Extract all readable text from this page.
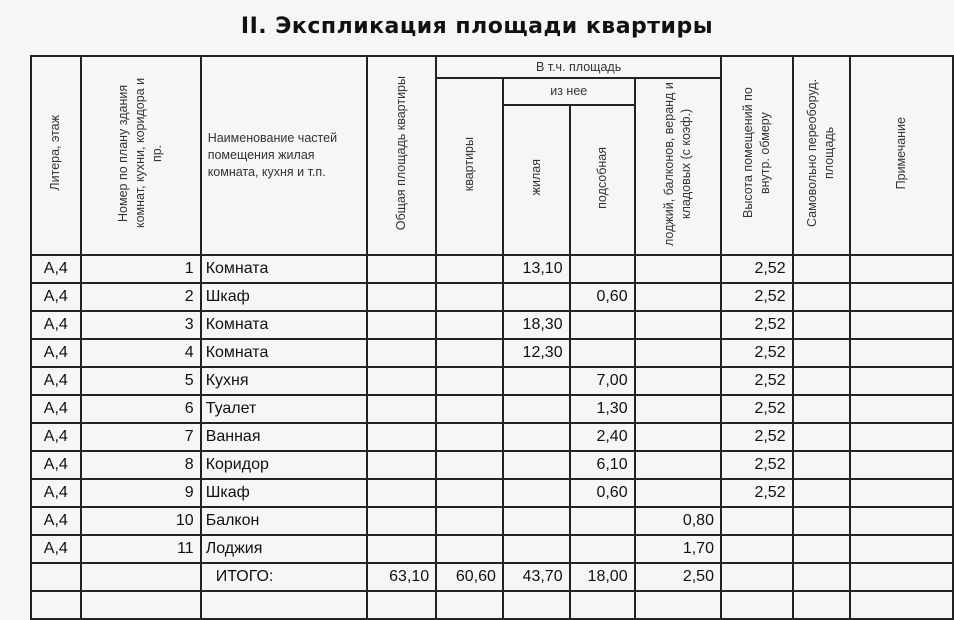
II. Экспликация площади квартиры
Литера, этаж	Номер по плану здания комнат, кухни, коридора и пр.	Наименование частей помещения жилая комната, кухня и т.п.	Общая площадь квартиры	В т.ч. площадь				Высота помещений по внутр. обмеру	Самовольно переоборуд. площадь	Примечание
				квартиры	из нее		лоджий, балконов, веранд и кладовых (с коэф.)			
					жилая	подсобная				
А,4	1	Комната			13,10			2,52		
А,4	2	Шкаф				0,60		2,52		
А,4	3	Комната			18,30			2,52		
А,4	4	Комната			12,30			2,52		
А,4	5	Кухня				7,00		2,52		
А,4	6	Туалет				1,30		2,52		
А,4	7	Ванная				2,40		2,52		
А,4	8	Коридор				6,10		2,52		
А,4	9	Шкаф				0,60		2,52		
А,4	10	Балкон					0,80			
А,4	11	Лоджия					1,70			
		ИТОГО:	63,10	60,60	43,70	18,00	2,50			
